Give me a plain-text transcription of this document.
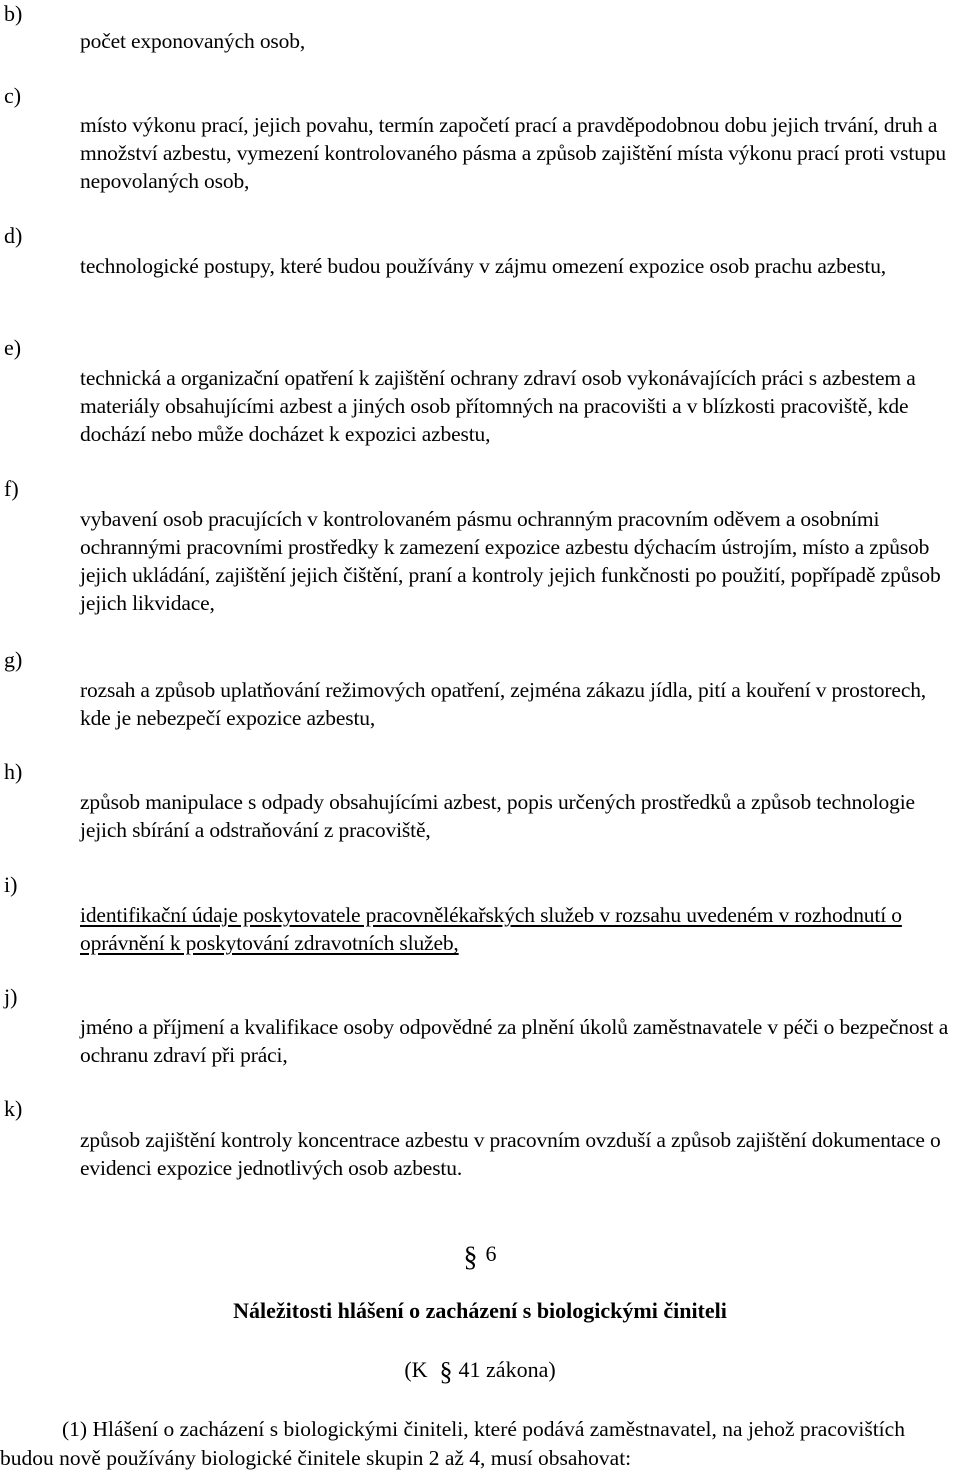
b)
počet exponovaných osob,
c)
místo výkonu prací, jejich povahu, termín započetí prací a pravděpodobnou dobu jejich trvání, druh a množství azbestu, vymezení kontrolovaného pásma a způsob zajištění místa výkonu prací proti vstupu nepovolaných osob,
d)
technologické postupy, které budou používány v zájmu omezení expozice osob prachu azbestu,
e)
technická a organizační opatření k zajištění ochrany zdraví osob vykonávajících práci s azbestem a materiály obsahujícími azbest a jiných osob přítomných na pracovišti a v blízkosti pracoviště, kde dochází nebo může docházet k expozici azbestu,
f)
vybavení osob pracujících v kontrolovaném pásmu ochranným pracovním oděvem a osobními ochrannými pracovními prostředky k zamezení expozice azbestu dýchacím ústrojím, místo a způsob jejich ukládání, zajištění jejich čištění, praní a kontroly jejich funkčnosti po použití, popřípadě způsob jejich likvidace,
g)
rozsah a způsob uplatňování režimových opatření, zejména zákazu jídla, pití a kouření v prostorech, kde je nebezpečí expozice azbestu,
h)
způsob manipulace s odpady obsahujícími azbest, popis určených prostředků a způsob technologie jejich sbírání a odstraňování z pracoviště,
i)
identifikační údaje poskytovatele pracovnělékařských služeb v rozsahu uvedeném v rozhodnutí o oprávnění k poskytování zdravotních služeb,
j)
jméno a příjmení a kvalifikace osoby odpovědné za plnění úkolů zaměstnavatele v péči o bezpečnost a ochranu zdraví při práci,
k)
způsob zajištění kontroly koncentrace azbestu v pracovním ovzduší a způsob zajištění dokumentace o evidenci expozice jednotlivých osob azbestu.
§ 6
Náležitosti hlášení o zacházení s biologickými činiteli
(K § 41 zákona)
(1) Hlášení o zacházení s biologickými činiteli, které podává zaměstnavatel, na jehož pracovištích budou nově používány biologické činitele skupin 2 až 4, musí obsahovat:
